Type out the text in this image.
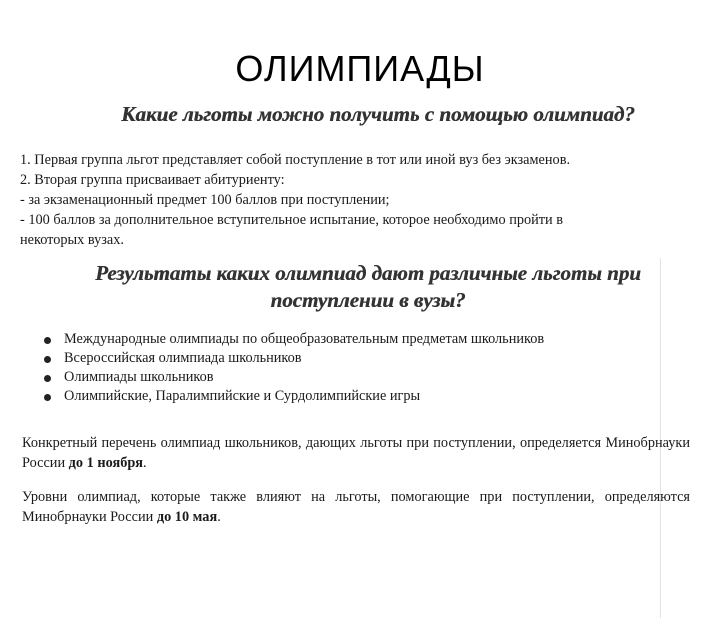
ОЛИМПИАДЫ
Какие льготы можно получить с помощью олимпиад?
1. Первая группа льгот представляет собой поступление в тот или иной вуз без экзаменов.
2. Вторая группа присваивает абитуриенту:
- за экзаменационный предмет 100 баллов при поступлении;
- 100 баллов за дополнительное вступительное испытание, которое необходимо пройти в
некоторых вузах.
Результаты каких олимпиад дают различные льготы при
поступлении в вузы?
Международные олимпиады по общеобразовательным предметам школьников
Всероссийская олимпиада школьников
Олимпиады школьников
Олимпийские, Паралимпийские и Сурдолимпийские игры
Конкретный перечень олимпиад школьников, дающих льготы при поступлении, определяется Минобрнауки России до 1 ноября.
Уровни олимпиад, которые также влияют на льготы, помогающие при поступлении, определяются Минобрнауки России до 10 мая.
